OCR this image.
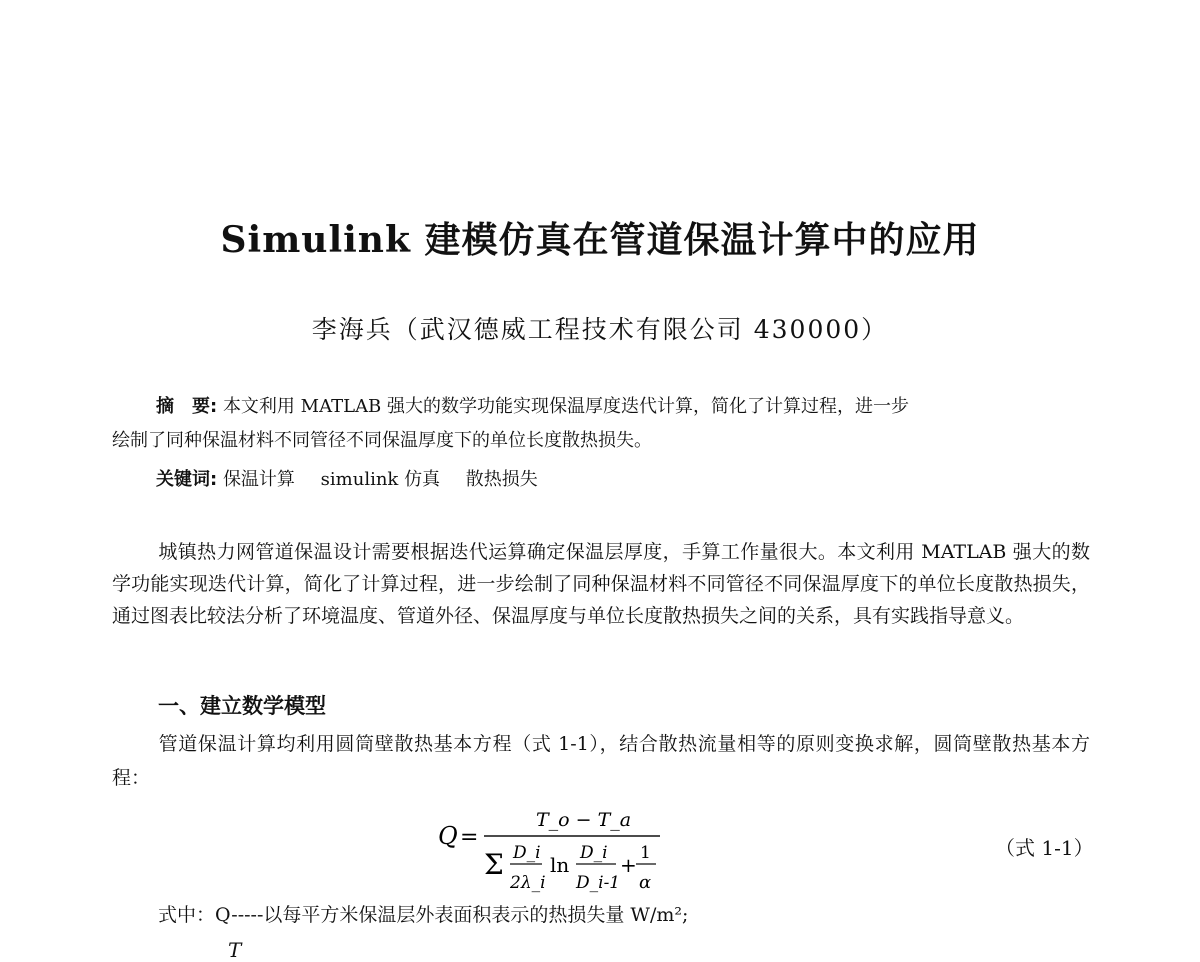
Simulink 建模仿真在管道保温计算中的应用
李海兵（武汉德威工程技术有限公司 430000）
摘　要: 本文利用 MATLAB 强大的数学功能实现保温厚度迭代计算，简化了计算过程，进一步
绘制了同种保温材料不同管径不同保温厚度下的单位长度散热损失。
关键词: 保温计算 simulink 仿真 散热损失
城镇热力网管道保温设计需要根据迭代运算确定保温层厚度，手算工作量很大。本文利用 MATLAB 强大的数学功能实现迭代计算，简化了计算过程，进一步绘制了同种保温材料不同管径不同保温厚度下的单位长度散热损失，通过图表比较法分析了环境温度、管道外径、保温厚度与单位长度散热损失之间的关系，具有实践指导意义。
一、建立数学模型
管道保温计算均利用圆筒壁散热基本方程（式 1-1），结合散热流量相等的原则变换求解，圆筒壁散热基本方程：
Q =
T_o − T_a
Σ D_i
2λ_i
ln D_i
D_i-1
+ 1
α
（式 1-1）
式中：Q-----以每平方米保温层外表面积表示的热损失量 W/m²;
T
